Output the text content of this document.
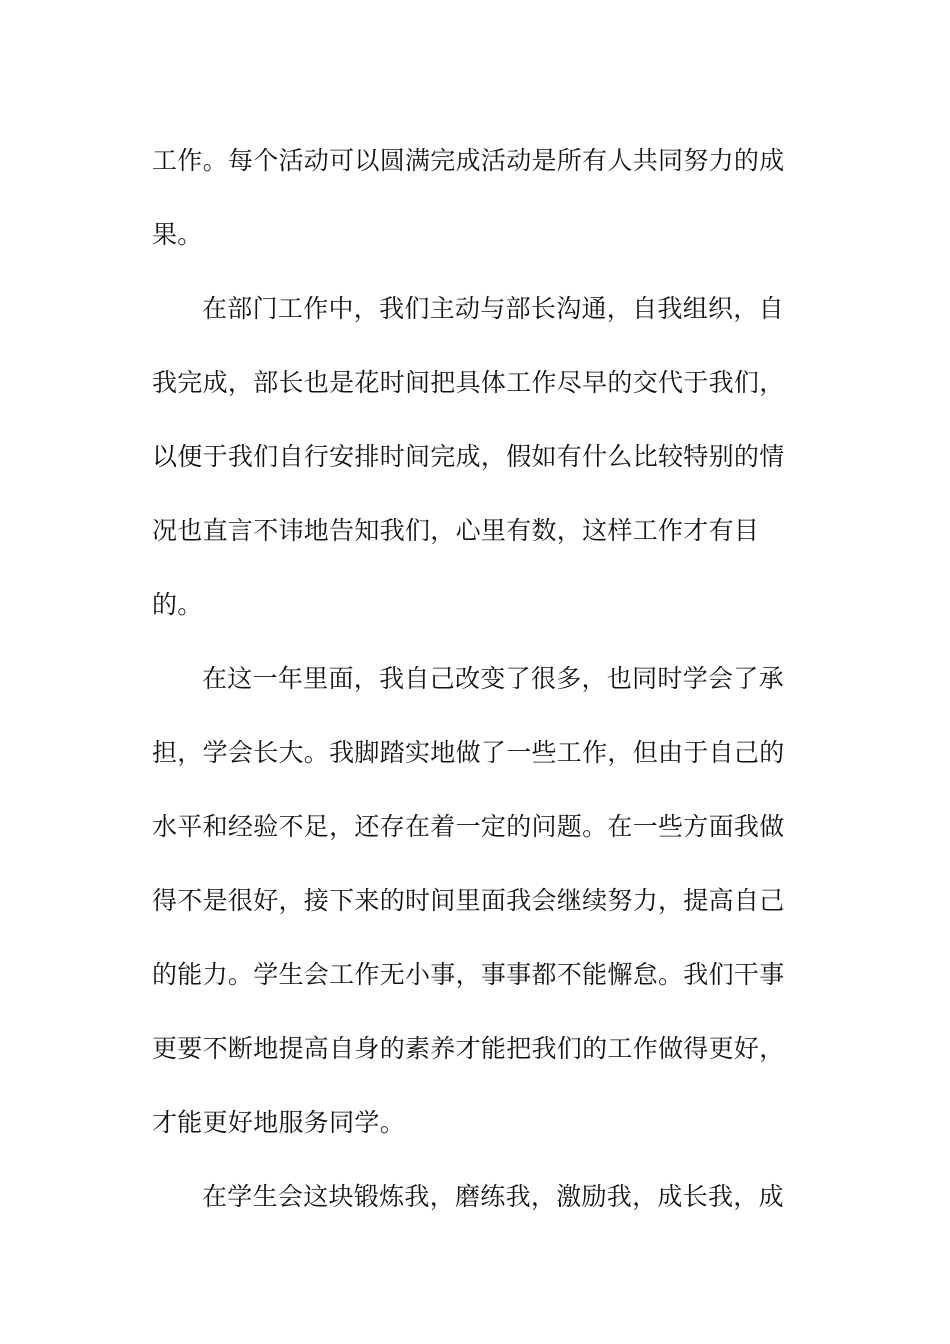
工作。每个活动可以圆满完成活动是所有人共同努力的成
果。
在部门工作中，我们主动与部长沟通，自我组织，自
我完成，部长也是花时间把具体工作尽早的交代于我们，
以便于我们自行安排时间完成，假如有什么比较特别的情
况也直言不讳地告知我们，心里有数，这样工作才有目
的。
在这一年里面，我自己改变了很多，也同时学会了承
担，学会长大。我脚踏实地做了一些工作，但由于自己的
水平和经验不足，还存在着一定的问题。在一些方面我做
得不是很好，接下来的时间里面我会继续努力，提高自己
的能力。学生会工作无小事，事事都不能懈怠。我们干事
更要不断地提高自身的素养才能把我们的工作做得更好，
才能更好地服务同学。
在学生会这块锻炼我，磨练我，激励我，成长我，成
